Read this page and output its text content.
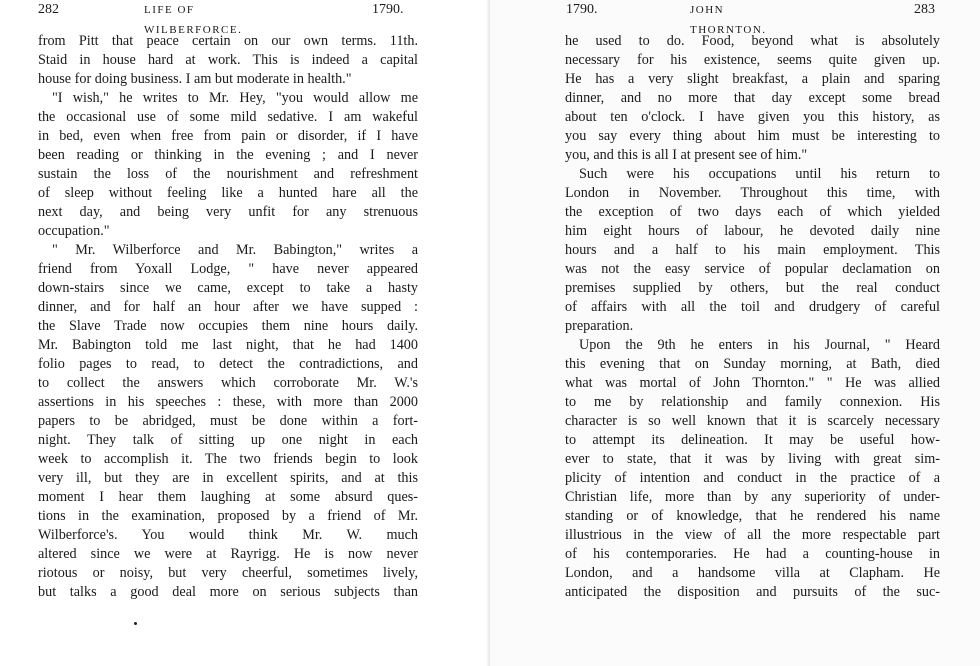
282	LIFE OF WILBERFORCE.
1790.
from Pitt that peace certain on our own terms. 11th.
Staid in house hard at work. This is indeed a capital
house for doing business. I am but moderate in health."
"I wish," he writes to Mr. Hey, "you would allow me
the occasional use of some mild sedative. I am wakeful
in bed, even when free from pain or disorder, if I have
been reading or thinking in the evening ; and I never
sustain the loss of the nourishment and refreshment
of sleep without feeling like a hunted hare all the
next day, and being very unfit for any strenuous
occupation."
" Mr. Wilberforce and Mr. Babington," writes a
friend from Yoxall Lodge, " have never appeared
down-stairs since we came, except to take a hasty
dinner, and for half an hour after we have supped :
the Slave Trade now occupies them nine hours daily.
Mr. Babington told me last night, that he had 1400
folio pages to read, to detect the contradictions, and
to collect the answers which corroborate Mr. W.'s
assertions in his speeches : these, with more than 2000
papers to be abridged, must be done within a fort-
night. They talk of sitting up one night in each
week to accomplish it. The two friends begin to look
very ill, but they are in excellent spirits, and at this
moment I hear them laughing at some absurd ques-
tions in the examination, proposed by a friend of Mr.
Wilberforce's. You would think Mr. W. much
altered since we were at Rayrigg. He is now never
riotous or noisy, but very cheerful, sometimes lively,
but talks a good deal more on serious subjects than
1790.	JOHN THORNTON.
283
he used to do. Food, beyond what is absolutely
necessary for his existence, seems quite given up.
He has a very slight breakfast, a plain and sparing
dinner, and no more that day except some bread
about ten o'clock. I have given you this history, as
you say every thing about him must be interesting to
you, and this is all I at present see of him."
Such were his occupations until his return to
London in November. Throughout this time, with
the exception of two days each of which yielded
him eight hours of labour, he devoted daily nine
hours and a half to his main employment. This
was not the easy service of popular declamation on
premises supplied by others, but the real conduct
of affairs with all the toil and drudgery of careful
preparation.
Upon the 9th he enters in his Journal, " Heard
this evening that on Sunday morning, at Bath, died
what was mortal of John Thornton." " He was allied
to me by relationship and family connexion. His
character is so well known that it is scarcely necessary
to attempt its delineation. It may be useful how-
ever to state, that it was by living with great sim-
plicity of intention and conduct in the practice of a
Christian life, more than by any superiority of under-
standing or of knowledge, that he rendered his name
illustrious in the view of all the more respectable part
of his contemporaries. He had a counting-house in
London, and a handsome villa at Clapham. He
anticipated the disposition and pursuits of the suc-
